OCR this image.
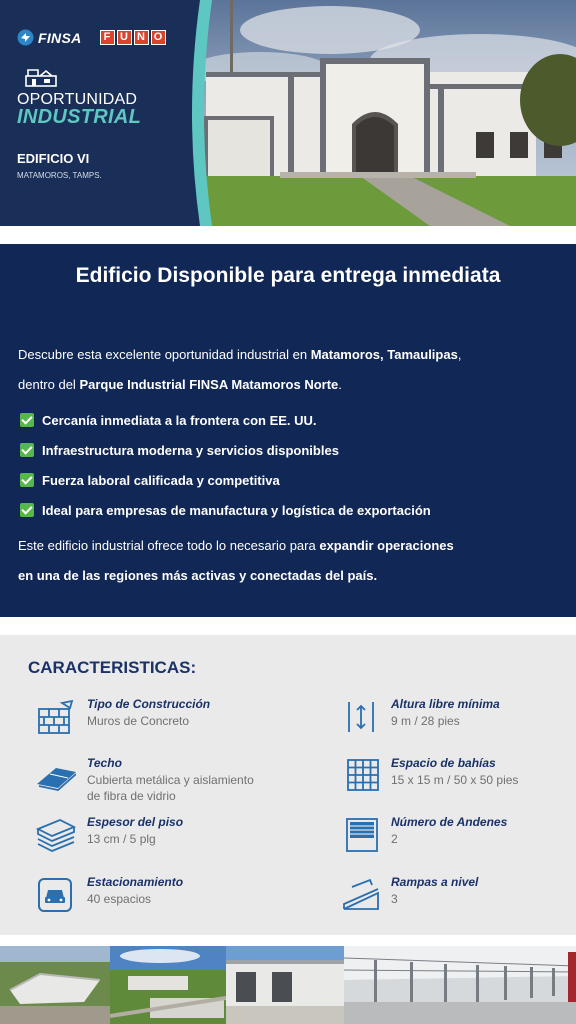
FINSA	F U N O
OPORTUNIDAD
INDUSTRIAL
EDIFICIO VI
MATAMOROS, TAMPS.
Edificio Disponible para entrega inmediata
Descubre esta excelente oportunidad industrial en Matamoros, Tamaulipas,
dentro del Parque Industrial FINSA Matamoros Norte.
Cercanía inmediata a la frontera con EE. UU.
Infraestructura moderna y servicios disponibles
Fuerza laboral calificada y competitiva
Ideal para empresas de manufactura y logística de exportación
Este edificio industrial ofrece todo lo necesario para expandir operaciones
en una de las regiones más activas y conectadas del país.
CARACTERISTICAS:
Tipo de Construcción
Muros de Concreto
Altura libre mínima
9 m / 28 pies
Techo
Cubierta metálica y aislamiento
de fibra de vidrio
Espacio de bahías
15 x 15 m / 50 x 50 pies
Espesor del piso
13 cm / 5 plg
Número de Andenes
2
Estacionamiento
40 espacios
Rampas a nivel
3
